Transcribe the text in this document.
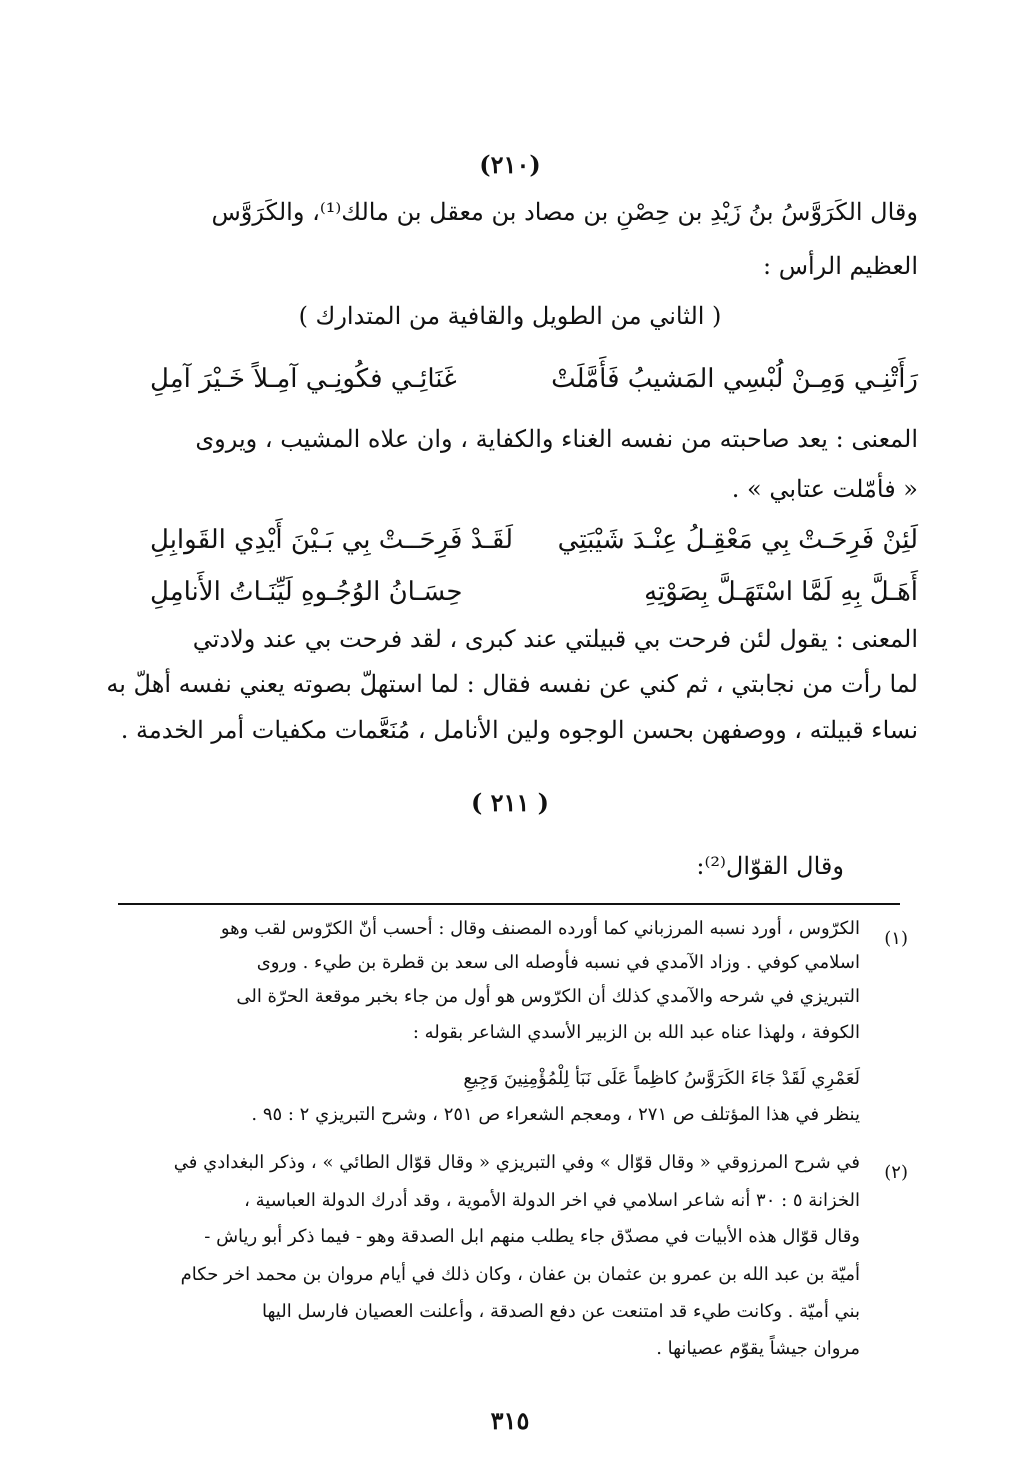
(٢١٠)
وقال الكَرَوَّسُ بنُ زَيْدِ بن حِصْنِ بن مصاد بن معقل بن مالك⁽¹⁾، والكَرَوَّس
العظيم الرأس :
( الثاني من الطويل والقافية من المتدارك )
رَأَتْنِـي وَمِـنْ لُبْسِي المَشيبُ فَأَمَّلَتْ
غَنَائِـي فكُونِـي آمِـلاً خَـيْرَ آمِلِ
المعنى : يعد صاحبته من نفسه الغناء والكفاية ، وان علاه المشيب ، ويروى
« فأمّلت عتابي » .
لَئِنْ فَرِحَـتْ بِي مَعْقِـلُ عِنْـدَ شَيْبَتِي
لَقَـدْ فَرِحَــتْ بِي بَـيْنَ أَيْدِي القَوابِلِ
أَهَـلَّ بِهِ لَمَّا اسْتَهَـلَّ بِصَوْتِهِ
حِسَـانُ الوُجُـوهِ لَيِّنَـاتُ الأَنامِلِ
المعنى : يقول لئن فرحت بي قبيلتي عند كبرى ، لقد فرحت بي عند ولادتي
لما رأت من نجابتي ، ثم كني عن نفسه فقال : لما استهلّ بصوته يعني نفسه أهلّ به
نساء قبيلته ، ووصفهن بحسن الوجوه ولين الأنامل ، مُنَعَّمات مكفيات أمر الخدمة .
( ٢١١ )
وقال القوّال⁽²⁾:
(١)
الكرّوس ، أورد نسبه المرزباني كما أورده المصنف وقال : أحسب أنّ الكرّوس لقب وهو
اسلامي كوفي . وزاد الآمدي في نسبه فأوصله الى سعد بن قطرة بن طيء . وروى
التبريزي في شرحه والآمدي كذلك أن الكرّوس هو أول من جاء بخبر موقعة الحرّة الى
الكوفة ، ولهذا عناه عبد الله بن الزبير الأسدي الشاعر بقوله :
لَعَمْرِي لَقَدْ جَاءَ الكَرَوَّسُ كاظِماً عَلَى نَبَأ لِلْمُؤْمِنِينَ وَجِيعِ
ينظر في هذا المؤتلف ص ٢٧١ ، ومعجم الشعراء ص ٢٥١ ، وشرح التبريزي ٢ : ٩٥ .
(٢)
في شرح المرزوقي « وقال قوّال » وفي التبريزي « وقال قوّال الطائي » ، وذكر البغدادي في
الخزانة ٥ : ٣٠ أنه شاعر اسلامي في اخر الدولة الأموية ، وقد أدرك الدولة العباسية ،
وقال قوّال هذه الأبيات في مصدّق جاء يطلب منهم ابل الصدقة وهو - فيما ذكر أبو رياش -
أميّة بن عبد الله بن عمرو بن عثمان بن عفان ، وكان ذلك في أيام مروان بن محمد اخر حكام
بني أميّة . وكانت طيء قد امتنعت عن دفع الصدقة ، وأعلنت العصيان فارسل اليها
مروان جيشاً يقوّم عصيانها .
٣١٥
